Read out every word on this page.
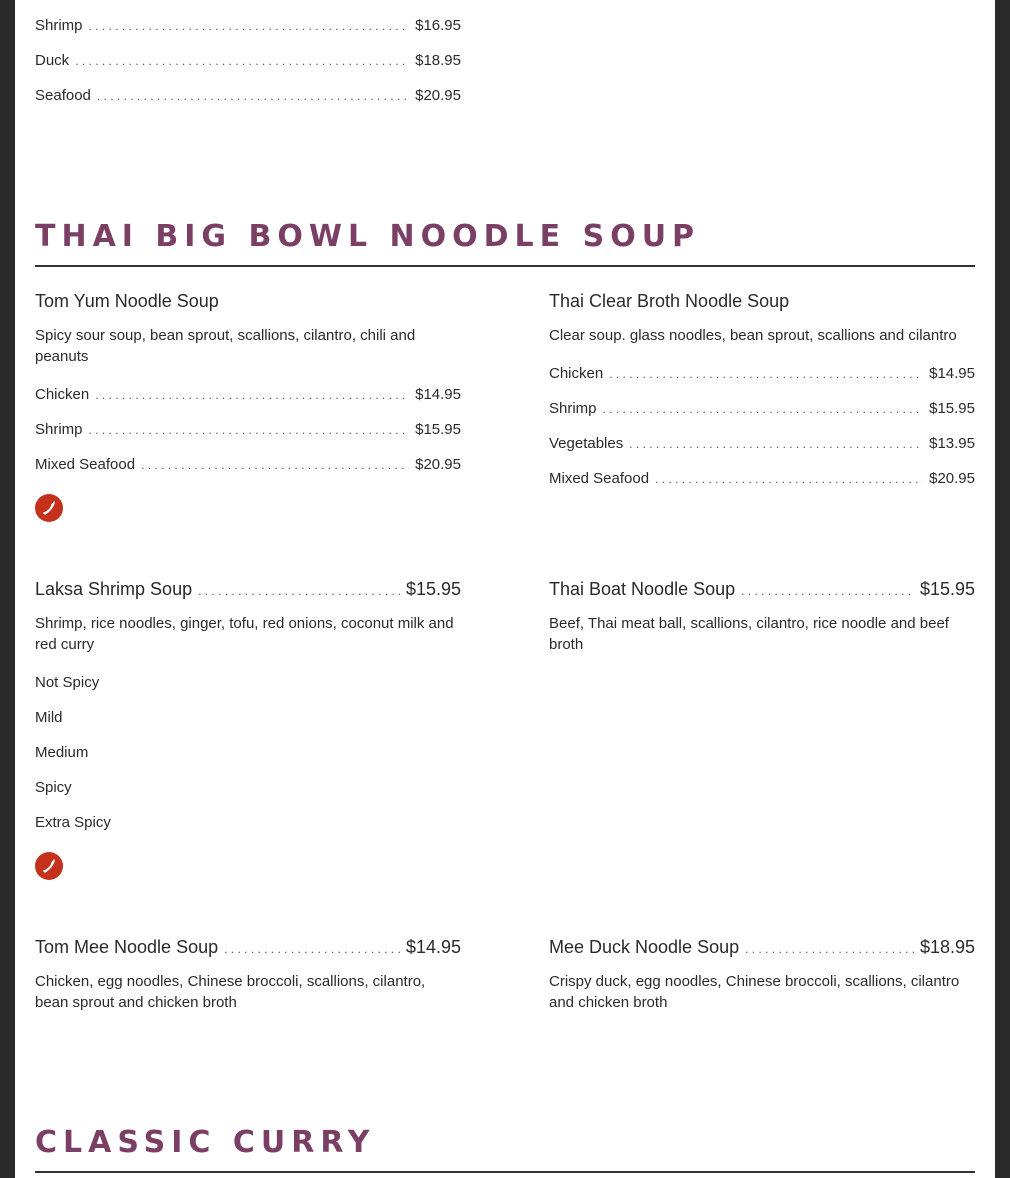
Shrimp . . .	$16.95
Duck . . .	$18.95
Seafood . . .	$20.95
THAI BIG BOWL NOODLE SOUP
Tom Yum Noodle Soup
Spicy sour soup, bean sprout, scallions, cilantro, chili and peanuts
Chicken . . .	$14.95
Shrimp . . .	$15.95
Mixed Seafood . . .	$20.95
Thai Clear Broth Noodle Soup
Clear soup. glass noodles, bean sprout, scallions and cilantro
Chicken . . .	$14.95
Shrimp . . .	$15.95
Vegetables . . .	$13.95
Mixed Seafood . . .	$20.95
Laksa Shrimp Soup . . .	$15.95
Shrimp, rice noodles, ginger, tofu, red onions, coconut milk and red curry
Not Spicy
Mild
Medium
Spicy
Extra Spicy
Thai Boat Noodle Soup . . .	$15.95
Beef, Thai meat ball, scallions, cilantro, rice noodle and beef broth
Tom Mee Noodle Soup . . .	$14.95
Chicken, egg noodles, Chinese broccoli, scallions, cilantro, bean sprout and chicken broth
Mee Duck Noodle Soup . . .	$18.95
Crispy duck, egg noodles, Chinese broccoli, scallions, cilantro and chicken broth
CLASSIC CURRY
